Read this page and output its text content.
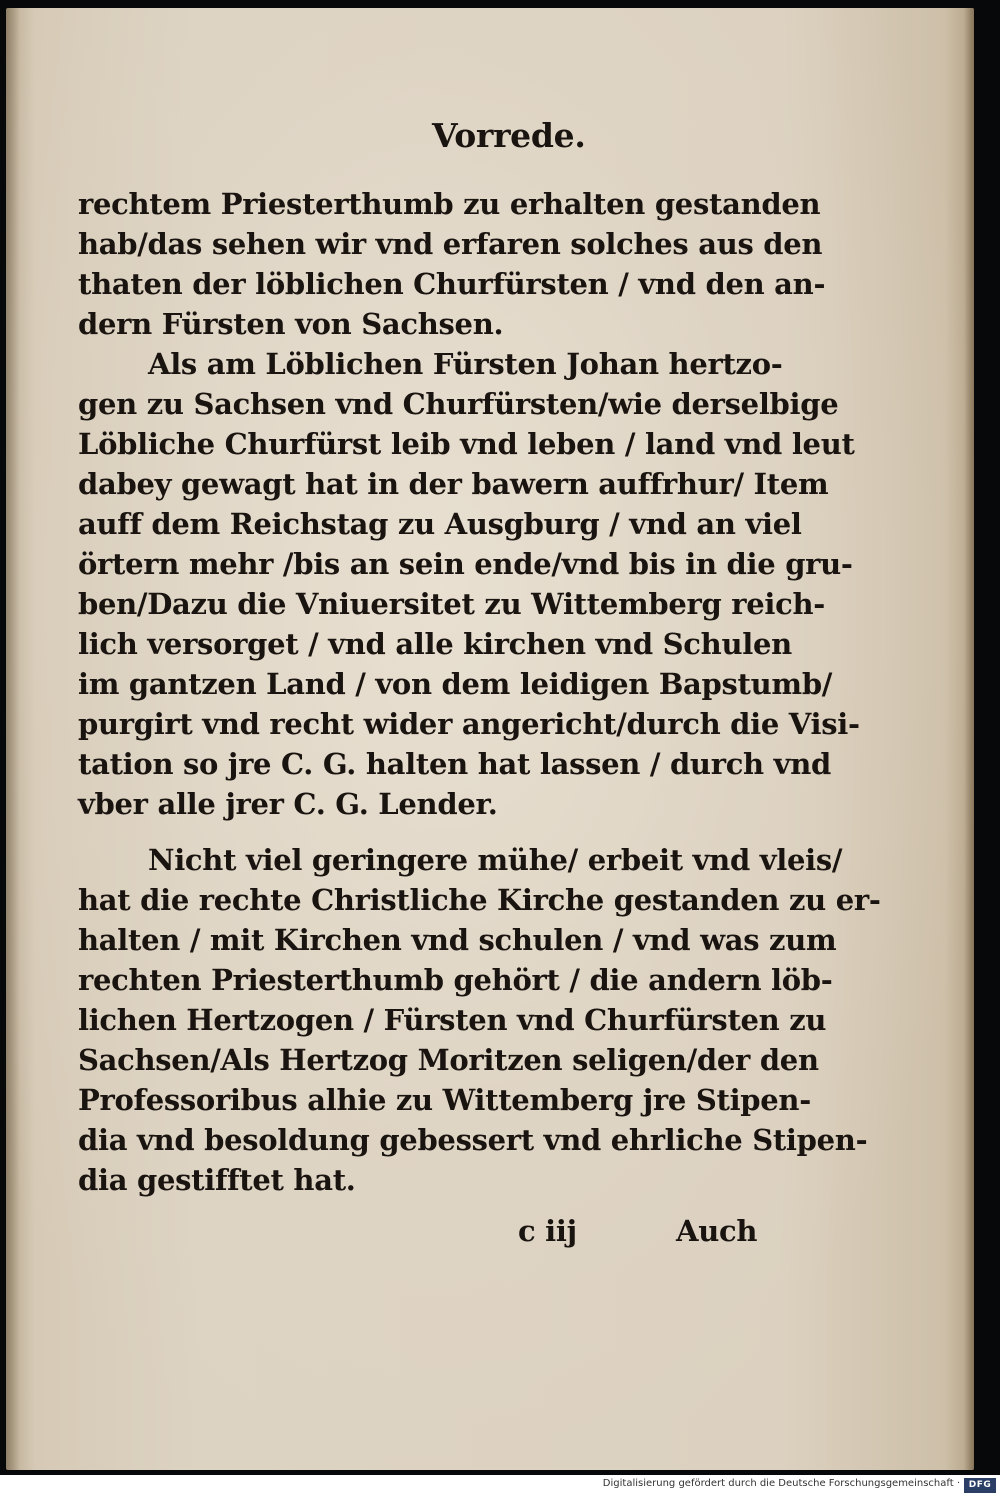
Vorrede.
rechtem Priesterthumb zu erhalten gestanden
hab/das sehen wir vnd erfaren solches aus den
thaten der löblichen Churfürsten / vnd den an-
dern Fürsten von Sachsen.
Als am Löblichen Fürsten Johan hertzo-
gen zu Sachsen vnd Churfürsten/wie derselbige
Löbliche Churfürst leib vnd leben / land vnd leut
dabey gewagt hat in der bawern auffrhur/ Item
auff dem Reichstag zu Ausgburg / vnd an viel
örtern mehr /bis an sein ende/vnd bis in die gru-
ben/Dazu die Vniuersitet zu Wittemberg reich-
lich versorget / vnd alle kirchen vnd Schulen
im gantzen Land / von dem leidigen Bapstumb/
purgirt vnd recht wider angericht/durch die Visi-
tation so jre C. G. halten hat lassen / durch vnd
vber alle jrer C. G. Lender.
Nicht viel geringere mühe/ erbeit vnd vleis/
hat die rechte Christliche Kirche gestanden zu er-
halten / mit Kirchen vnd schulen / vnd was zum
rechten Priesterthumb gehört / die andern löb-
lichen Hertzogen / Fürsten vnd Churfürsten zu
Sachsen/Als Hertzog Moritzen seligen/der den
Professoribus alhie zu Wittemberg jre Stipen-
dia vnd besoldung gebessert vnd ehrliche Stipen-
dia gestifftet hat.
c iij	Auch
Digitalisierung gefördert durch die Deutsche Forschungsgemeinschaft · DFG
